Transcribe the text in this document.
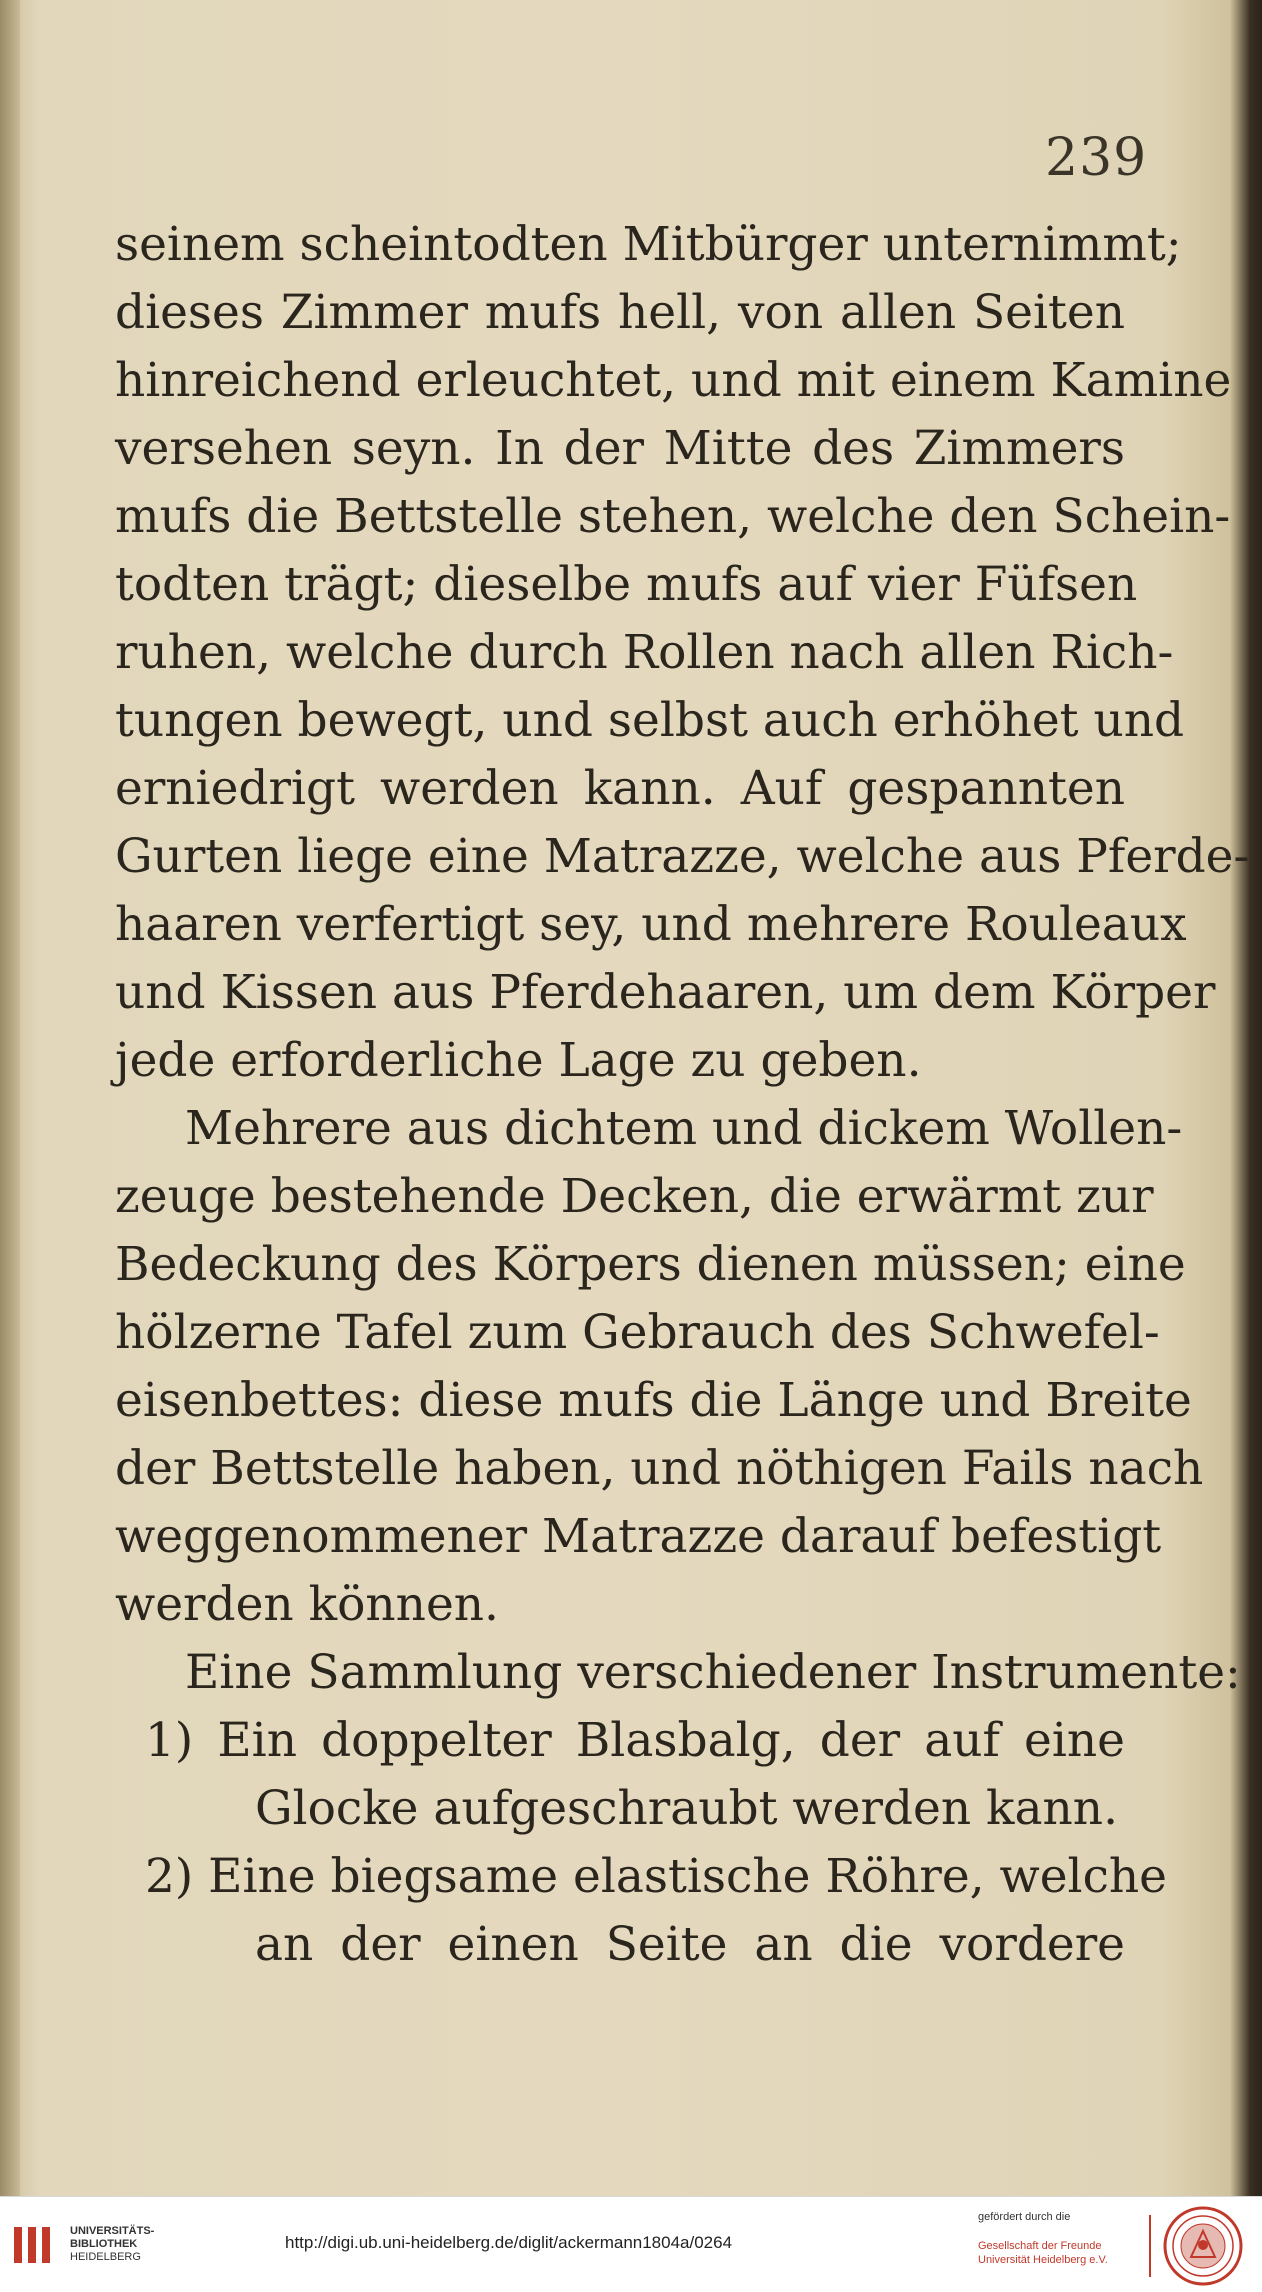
239
seinem scheintodten Mitbürger unternimmt;
dieses Zimmer mufs hell, von allen Seiten
hinreichend erleuchtet, und mit einem Kamine
versehen seyn. In der Mitte des Zimmers
mufs die Bettstelle stehen, welche den Schein-
todten trägt; dieselbe mufs auf vier Füfsen
ruhen, welche durch Rollen nach allen Rich-
tungen bewegt, und selbst auch erhöhet und
erniedrigt werden kann. Auf gespannten
Gurten liege eine Matrazze, welche aus Pferde-
haaren verfertigt sey, und mehrere Rouleaux
und Kissen aus Pferdehaaren, um dem Körper
jede erforderliche Lage zu geben.
Mehrere aus dichtem und dickem Wollen-
zeuge bestehende Decken, die erwärmt zur
Bedeckung des Körpers dienen müssen; eine
hölzerne Tafel zum Gebrauch des Schwefel-
eisenbettes: diese mufs die Länge und Breite
der Bettstelle haben, und nöthigen Fails nach
weggenommener Matrazze darauf befestigt
werden können.
Eine Sammlung verschiedener Instrumente:
1) Ein doppelter Blasbalg, der auf eine
Glocke aufgeschraubt werden kann.
2) Eine biegsame elastische Röhre, welche
an der einen Seite an die vordere
UNIVERSITÄTS-
BIBLIOTHEK
HEIDELBERG
http://digi.ub.uni-heidelberg.de/diglit/ackermann1804a/0264
gefördert durch die
Gesellschaft der Freunde
Universität Heidelberg e.V.
